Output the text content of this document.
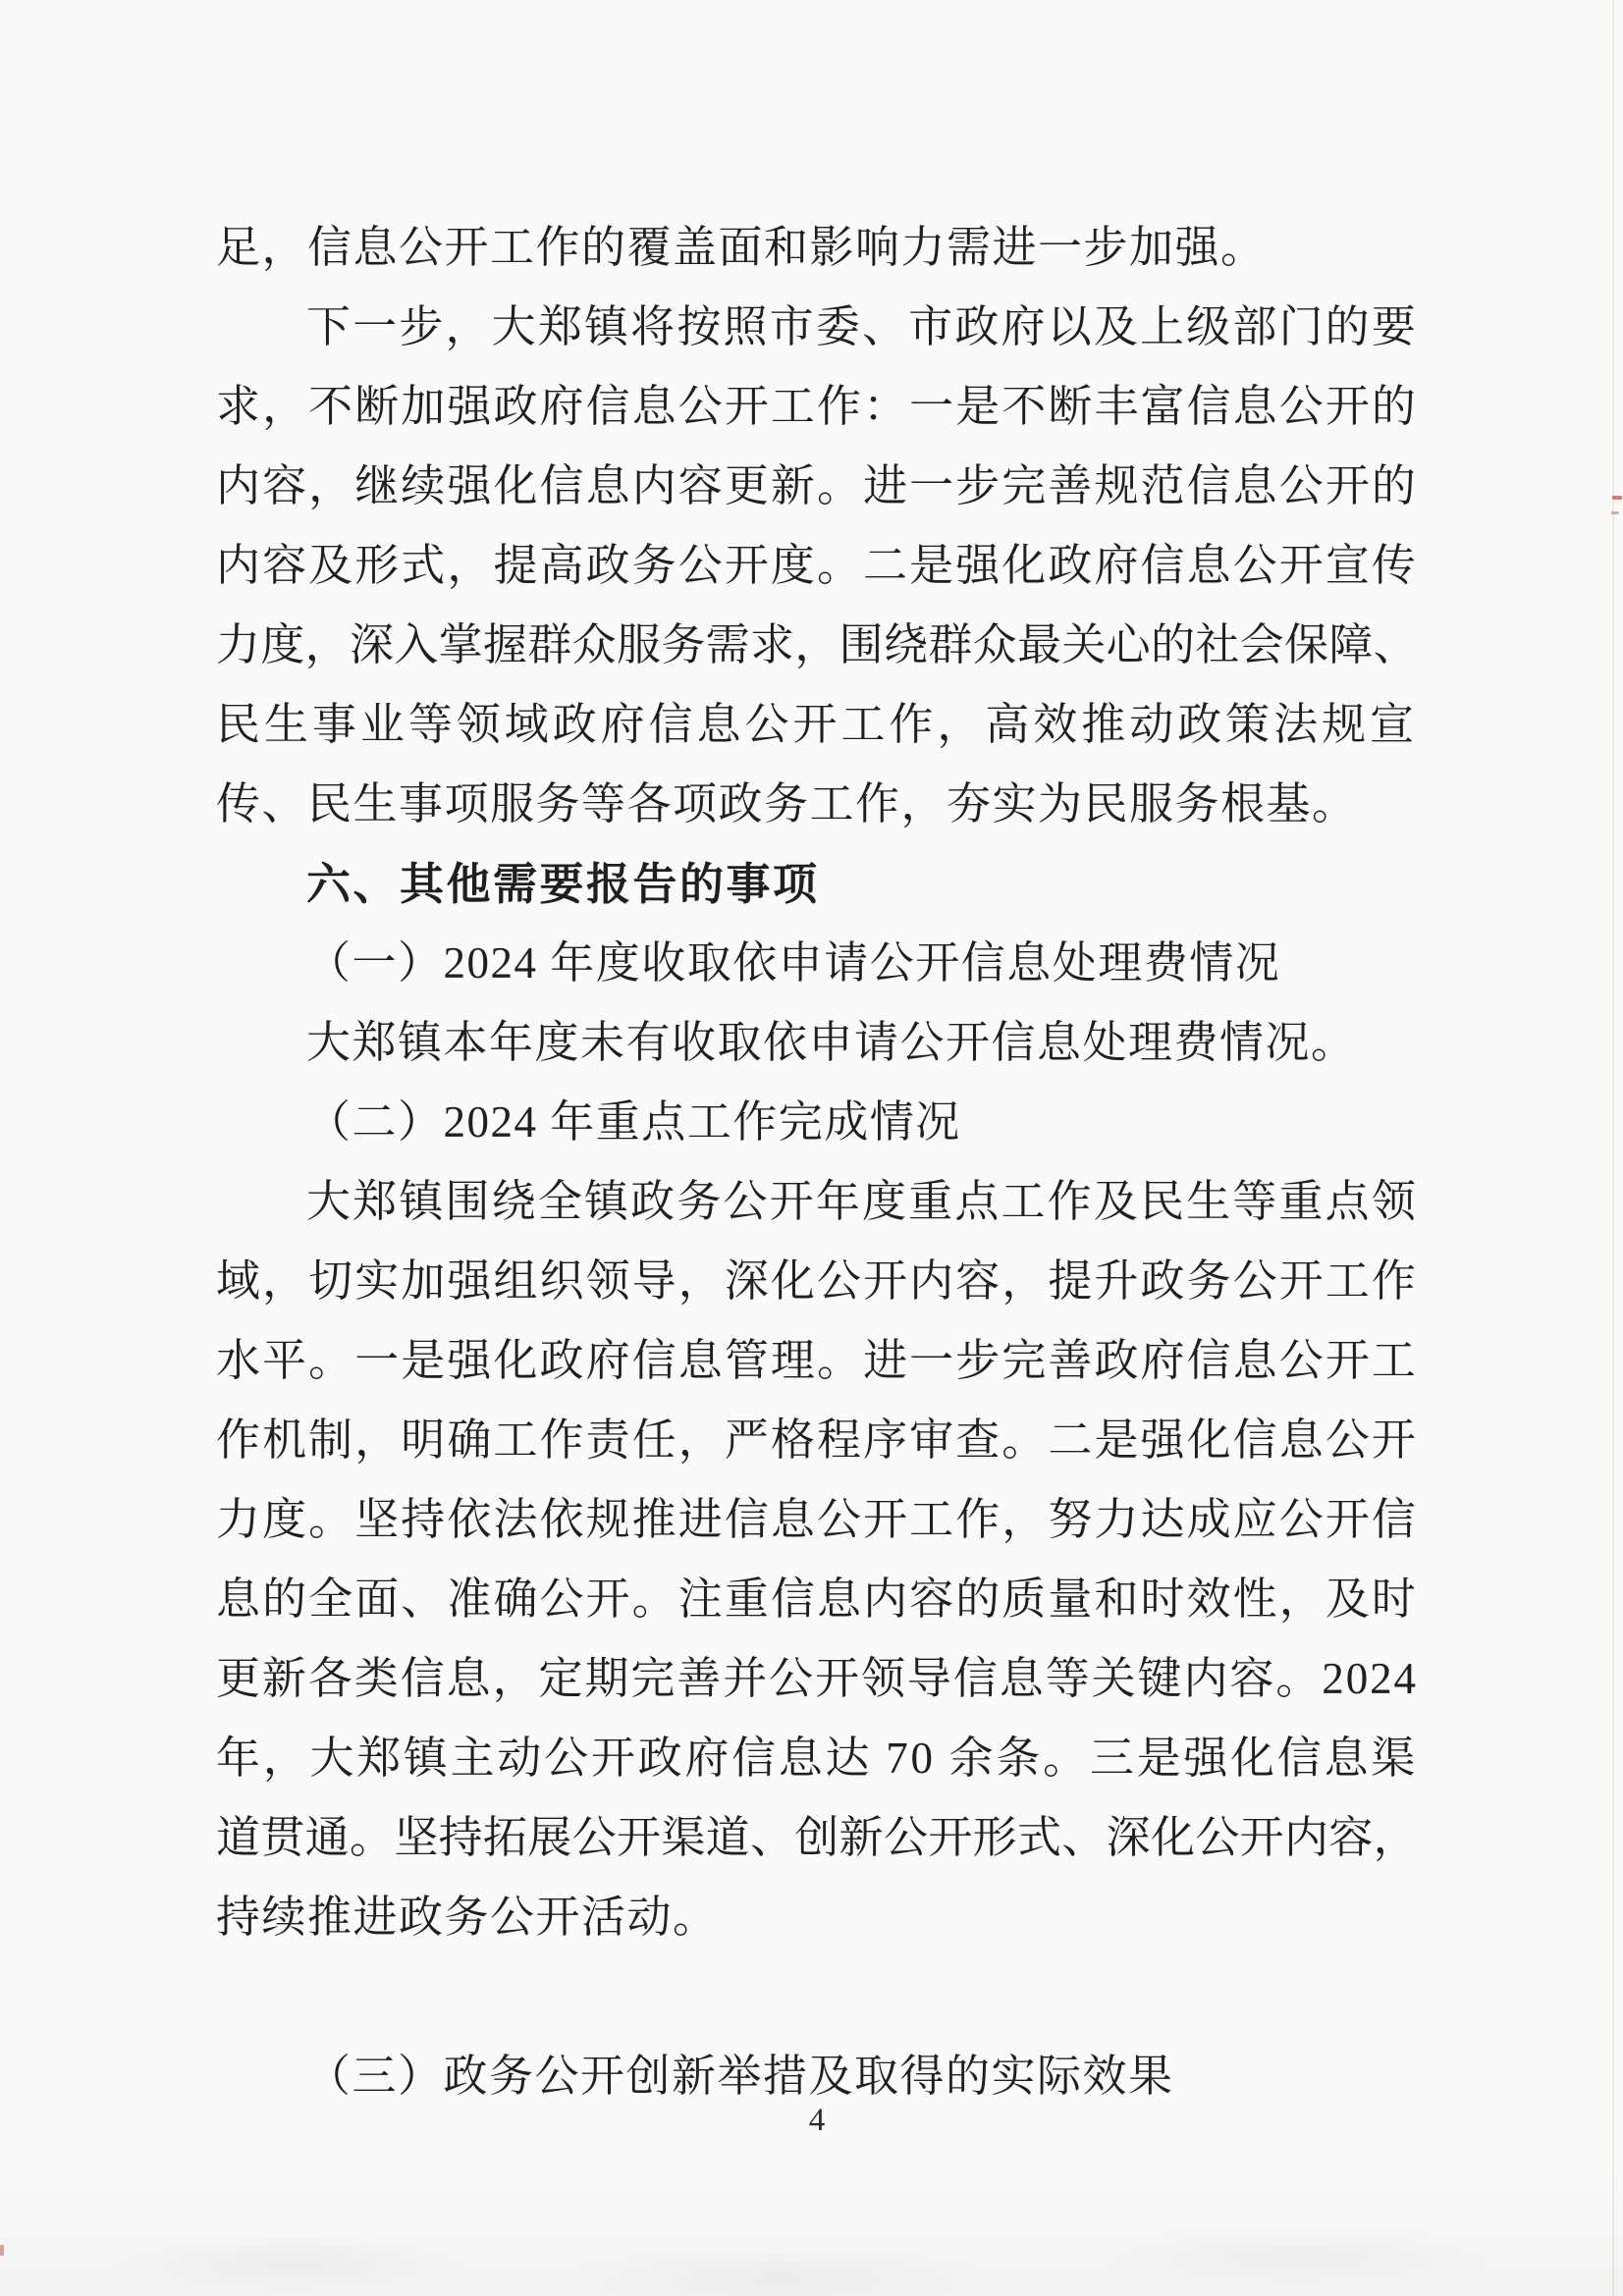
足，信息公开工作的覆盖面和影响力需进一步加强。
下一步，大郑镇将按照市委、市政府以及上级部门的要
求，不断加强政府信息公开工作：一是不断丰富信息公开的
内容，继续强化信息内容更新。进一步完善规范信息公开的
内容及形式，提高政务公开度。二是强化政府信息公开宣传
力度，深入掌握群众服务需求，围绕群众最关心的社会保障、
民生事业等领域政府信息公开工作，高效推动政策法规宣
传、民生事项服务等各项政务工作，夯实为民服务根基。
六、其他需要报告的事项
（一）2024 年度收取依申请公开信息处理费情况
大郑镇本年度未有收取依申请公开信息处理费情况。
（二）2024 年重点工作完成情况
大郑镇围绕全镇政务公开年度重点工作及民生等重点领
域，切实加强组织领导，深化公开内容，提升政务公开工作
水平。一是强化政府信息管理。进一步完善政府信息公开工
作机制，明确工作责任，严格程序审查。二是强化信息公开
力度。坚持依法依规推进信息公开工作，努力达成应公开信
息的全面、准确公开。注重信息内容的质量和时效性，及时
更新各类信息，定期完善并公开领导信息等关键内容。2024
年，大郑镇主动公开政府信息达 70 余条。三是强化信息渠
道贯通。坚持拓展公开渠道、创新公开形式、深化公开内容，
持续推进政务公开活动。
（三）政务公开创新举措及取得的实际效果
4
